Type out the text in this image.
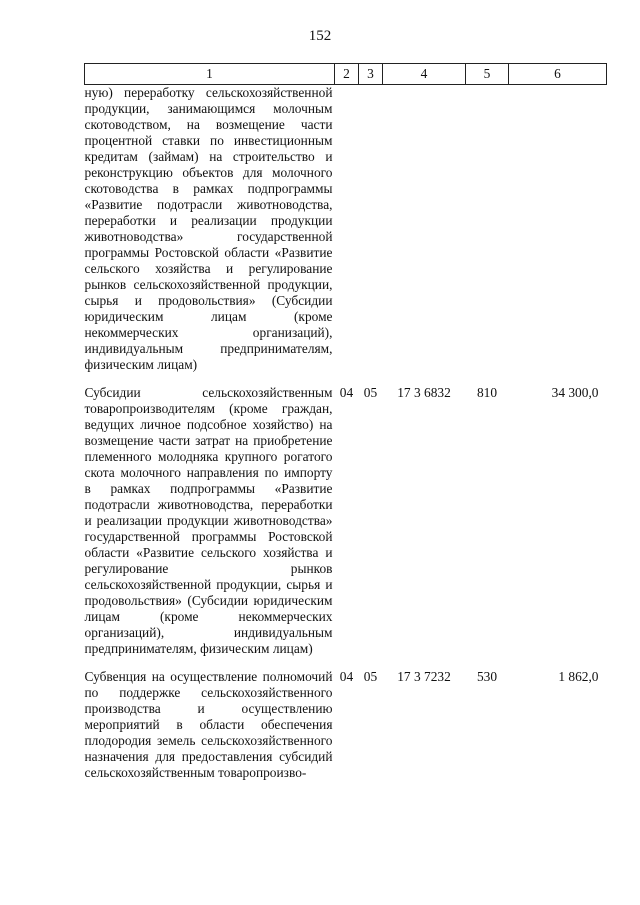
152
1	2	3	4	5	6
ную) переработку сельскохозяйственной продукции, занимающимся молочным скотоводством, на возмещение части процентной ставки по инвестиционным кредитам (займам) на строительство и реконструкцию объектов для молочного скотоводства в рамках подпрограммы «Развитие подотрасли животноводства, переработки и реализации продукции животноводства» государственной программы Ростовской области «Развитие сельского хозяйства и регулирование рынков сельскохозяйственной продукции, сырья и продовольствия» (Субсидии юридическим лицам (кроме некоммерческих организаций), индивидуальным предпринимателям, физическим лицам)					

Субсидии сельскохозяйственным товаропроизводителям (кроме граждан, ведущих личное подсобное хозяйство) на возмещение части затрат на приобретение племенного молодняка крупного рогатого скота молочного направления по импорту в рамках подпрограммы «Развитие подотрасли животноводства, переработки и реализации продукции животноводства» государственной программы Ростовской области «Развитие сельского хозяйства и регулирование рынков сельскохозяйственной продукции, сырья и продовольствия» (Субсидии юридическим лицам (кроме некоммерческих организаций), индивидуальным предпринимателям, физическим лицам)	04	05	17 3 6832	810	34 300,0

Субвенция на осуществление полномочий по поддержке сельскохозяйственного производства и осуществлению мероприятий в области обеспечения плодородия земель сельскохозяйственного назначения для предоставления субсидий сельскохозяйственным товаропроизво-	04	05	17 3 7232	530	1 862,0
